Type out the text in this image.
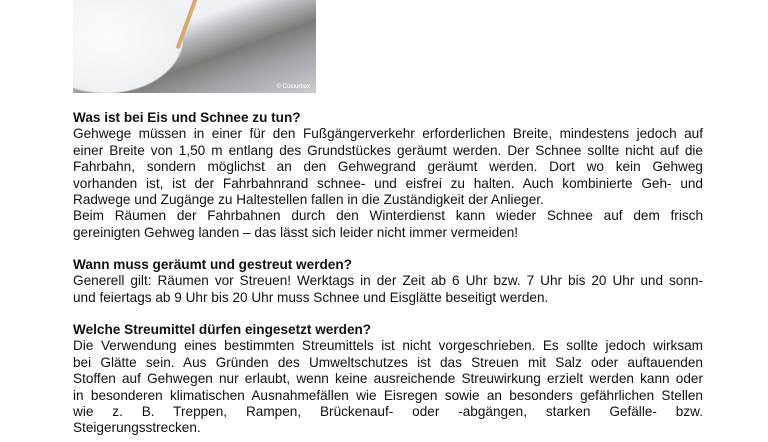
© Colourbox
Was ist bei Eis und Schnee zu tun?
Gehwege müssen in einer für den Fußgängerverkehr erforderlichen Breite, mindestens jedoch auf
einer Breite von 1,50 m entlang des Grundstückes geräumt werden. Der Schnee sollte nicht auf die
Fahrbahn, sondern möglichst an den Gehwegrand geräumt werden. Dort wo kein Gehweg
vorhanden ist, ist der Fahrbahnrand schnee- und eisfrei zu halten. Auch kombinierte Geh- und
Radwege und Zugänge zu Haltestellen fallen in die Zuständigkeit der Anlieger.
Beim Räumen der Fahrbahnen durch den Winterdienst kann wieder Schnee auf dem frisch
gereinigten Gehweg landen – das lässt sich leider nicht immer vermeiden!
Wann muss geräumt und gestreut werden?
Generell gilt: Räumen vor Streuen! Werktags in der Zeit ab 6 Uhr bzw. 7 Uhr bis 20 Uhr und sonn-
und feiertags ab 9 Uhr bis 20 Uhr muss Schnee und Eisglätte beseitigt werden.
Welche Streumittel dürfen eingesetzt werden?
Die Verwendung eines bestimmten Streumittels ist nicht vorgeschrieben. Es sollte jedoch wirksam
bei Glätte sein. Aus Gründen des Umweltschutzes ist das Streuen mit Salz oder auftauenden
Stoffen auf Gehwegen nur erlaubt, wenn keine ausreichende Streuwirkung erzielt werden kann oder
in besonderen klimatischen Ausnahmefällen wie Eisregen sowie an besonders gefährlichen Stellen
wie z. B. Treppen, Rampen, Brückenauf- oder -abgängen, starken Gefälle- bzw.
Steigerungsstrecken.
